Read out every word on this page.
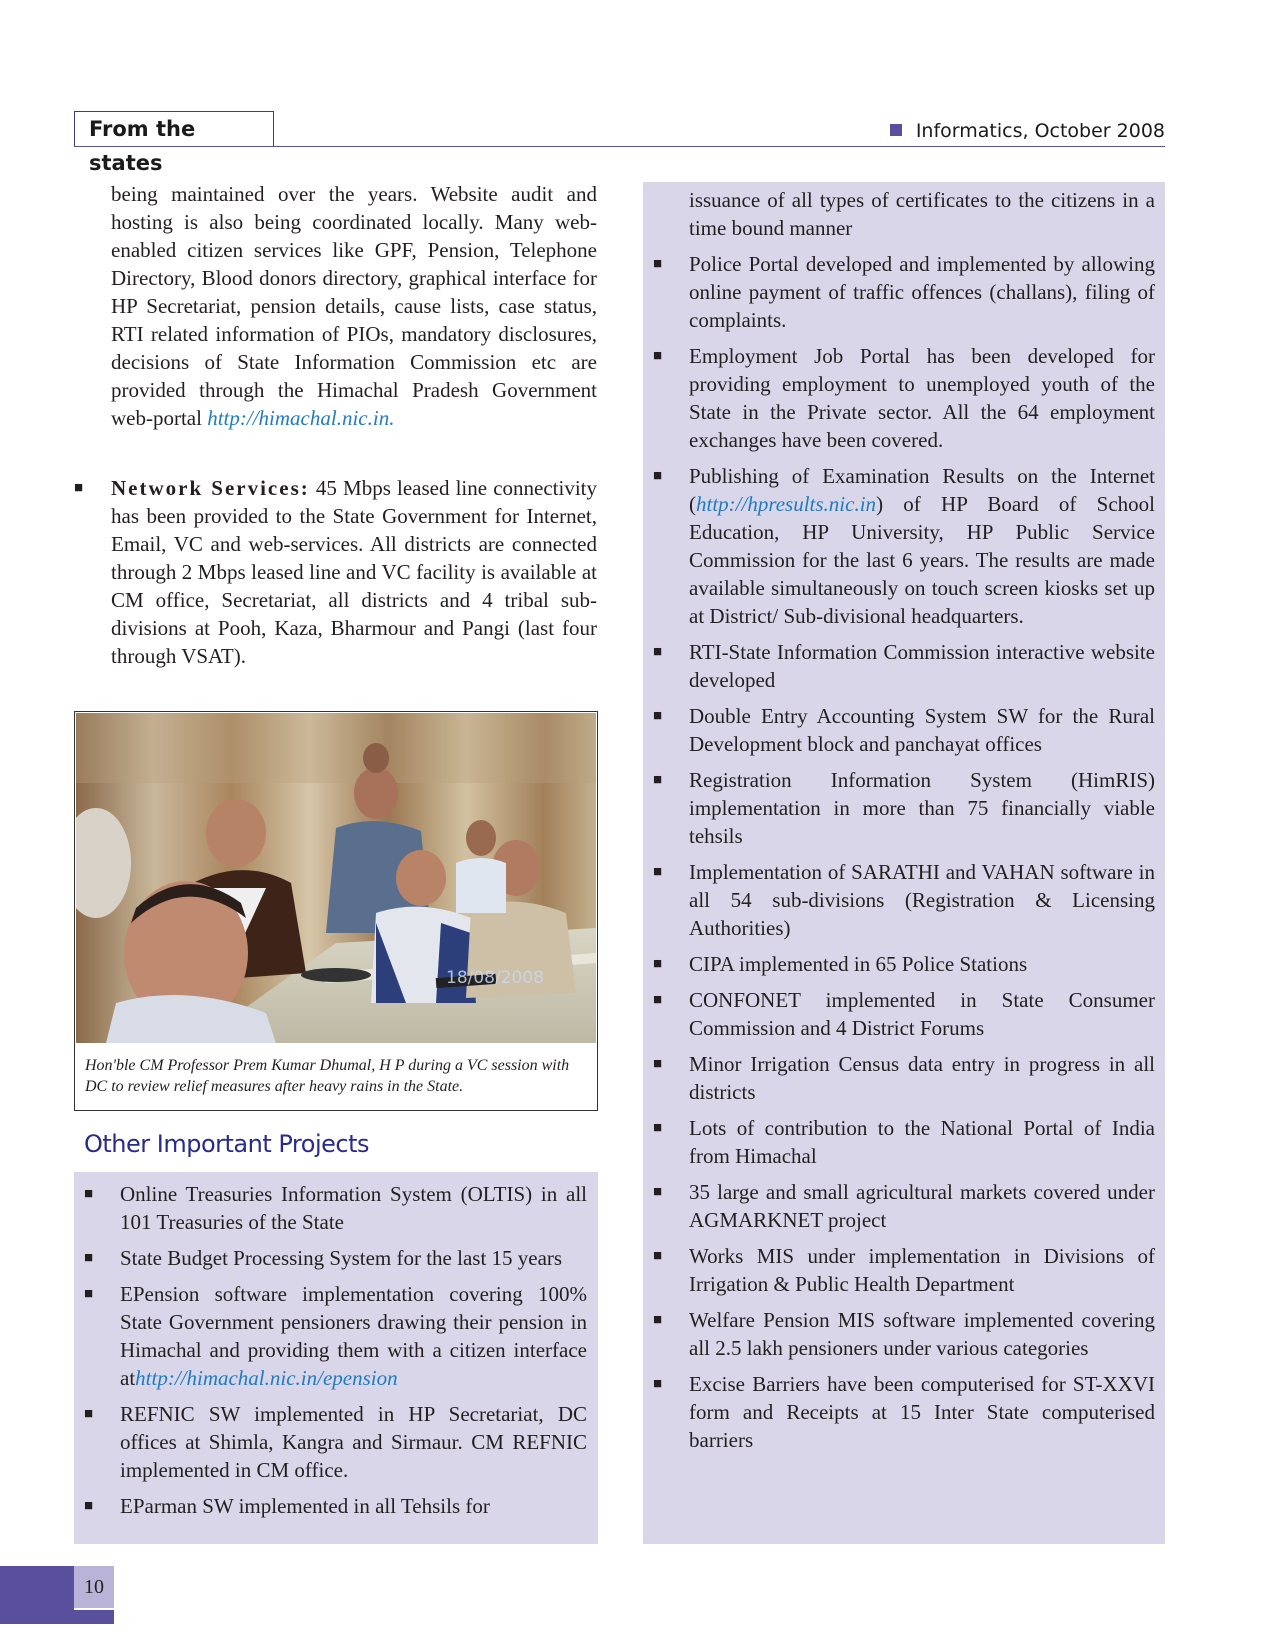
From the states
Informatics, October 2008

being maintained over the years. Website audit and hosting is also being coordinated locally. Many web-enabled citizen services like GPF, Pension, Telephone Directory, Blood donors directory, graphical interface for HP Secretariat, pension details, cause lists, case status, RTI related information of PIOs, mandatory disclosures, decisions of State Information Commission etc are provided through the Himachal Pradesh Government web-portal http://himachal.nic.in.

■	Network Services: 45 Mbps leased line connectivity has been provided to the State Government for Internet, Email, VC and web-services. All districts are connected through 2 Mbps leased line and VC facility is available at CM office, Secretariat, all districts and 4 tribal sub-divisions at Pooh, Kaza, Bharmour and Pangi (last four through VSAT).

18/08/2008
Hon'ble CM Professor Prem Kumar Dhumal, H P during a VC session with DC to review relief measures after heavy rains in the State.
Other Important Projects
■	Online Treasuries Information System (OLTIS) in all 101 Treasuries of the State

■	State Budget Processing System for the last 15 years

■	EPension software implementation covering 100% State Government pensioners drawing their pension in Himachal and providing them with a citizen interface athttp://himachal.nic.in/epension

■	REFNIC SW implemented in HP Secretariat, DC offices at Shimla, Kangra and Sirmaur. CM REFNIC implemented in CM office.

■	EParman SW implemented in all Tehsils for

issuance of all types of certificates to the citizens in a time bound manner

■	Police Portal developed and implemented by allowing online payment of traffic offences (challans), filing of complaints.

■	Employment Job Portal has been developed for providing employment to unemployed youth of the State in the Private sector. All the 64 employment exchanges have been covered.

■	Publishing of Examination Results on the Internet (http://hpresults.nic.in) of HP Board of School Education, HP University, HP Public Service Commission for the last 6 years. The results are made available simultaneously on touch screen kiosks set up at District/ Sub-divisional headquarters.

■	RTI-State Information Commission interactive website developed

■	Double Entry Accounting System SW for the Rural Development block and panchayat offices

■	Registration Information System (HimRIS) implementation in more than 75 financially viable tehsils

■	Implementation of SARATHI and VAHAN software in all 54 sub-divisions (Registration & Licensing Authorities)

■	CIPA implemented in 65 Police Stations

■	CONFONET implemented in State Consumer Commission and 4 District Forums

■	Minor Irrigation Census data entry in progress in all districts

■	Lots of contribution to the National Portal of India from Himachal

■	35 large and small agricultural markets covered under AGMARKNET project

■	Works MIS under implementation in Divisions of Irrigation & Public Health Department

■	Welfare Pension MIS software implemented covering all 2.5 lakh pensioners under various categories

■	Excise Barriers have been computerised for ST-XXVI form and Receipts at 15 Inter State computerised barriers

10
